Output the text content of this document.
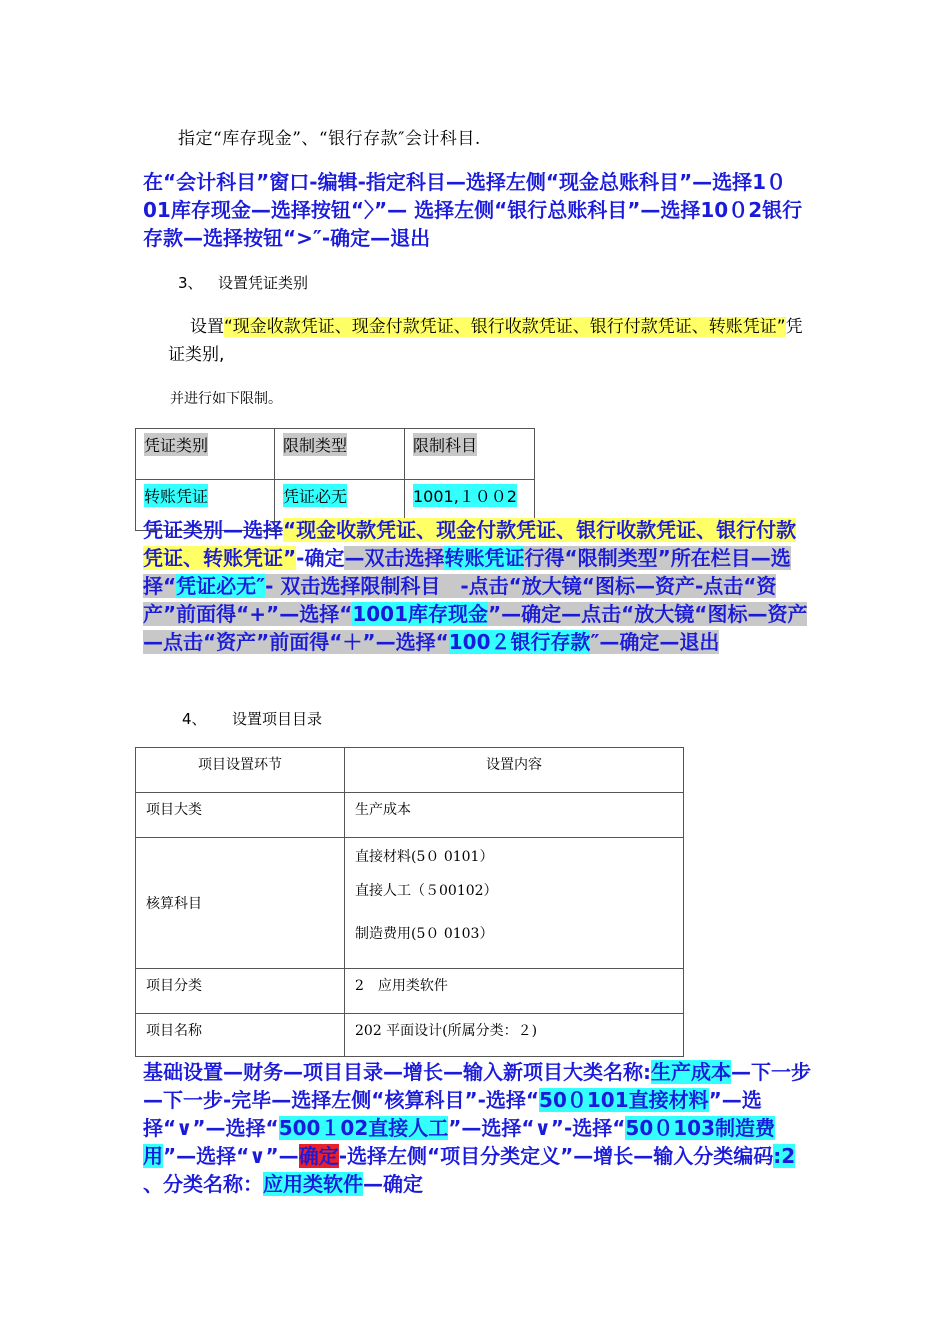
指定“库存现金”、“银行存款″会计科目.
在“会计科目”窗口-编辑-指定科目—选择左侧“现金总账科目”—选择1０01库存现金—选择按钮“〉”— 选择左侧“银行总账科目”—选择10０2银行存款—选择按钮“>″-确定—退出
3、 设置凭证类别
设置“现金收款凭证、现金付款凭证、银行收款凭证、银行付款凭证、转账凭证”凭证类别,
并进行如下限制。
凭证类别	限制类型	限制科目
转账凭证	凭证必无	1001,１００2
凭证类别—选择“现金收款凭证、现金付款凭证、银行收款凭证、银行付款凭证、转账凭证”-确定—双击选择转账凭证行得“限制类型”所在栏目—选择“凭证必无″- 双击选择限制科目　-点击“放大镜“图标—资产-点击“资产”前面得“+”—选择“1001库存现金”—确定—点击“放大镜“图标—资产—点击“资产”前面得“＋”—选择“100２银行存款″—确定—退出
4、 设置项目目录
项目设置环节	设置内容
项目大类	生产成本
核算科目	直接材料(5０ 0101）
直接人工（５00102）
制造费用(5０ 0103）

项目分类	2　应用类软件
项目名称	202 平面设计(所属分类：２)
基础设置—财务—项目目录—增长—输入新项目大类名称:生产成本—下一步—下一步-完毕—选择左侧“核算科目”-选择“50０101直接材料”—选择“∨”—选择“500１02直接人工”—选择“∨”-选择“50０103制造费用”—选择“∨”—确定-选择左侧“项目分类定义”—增长—输入分类编码:2 、分类名称：应用类软件—确定
